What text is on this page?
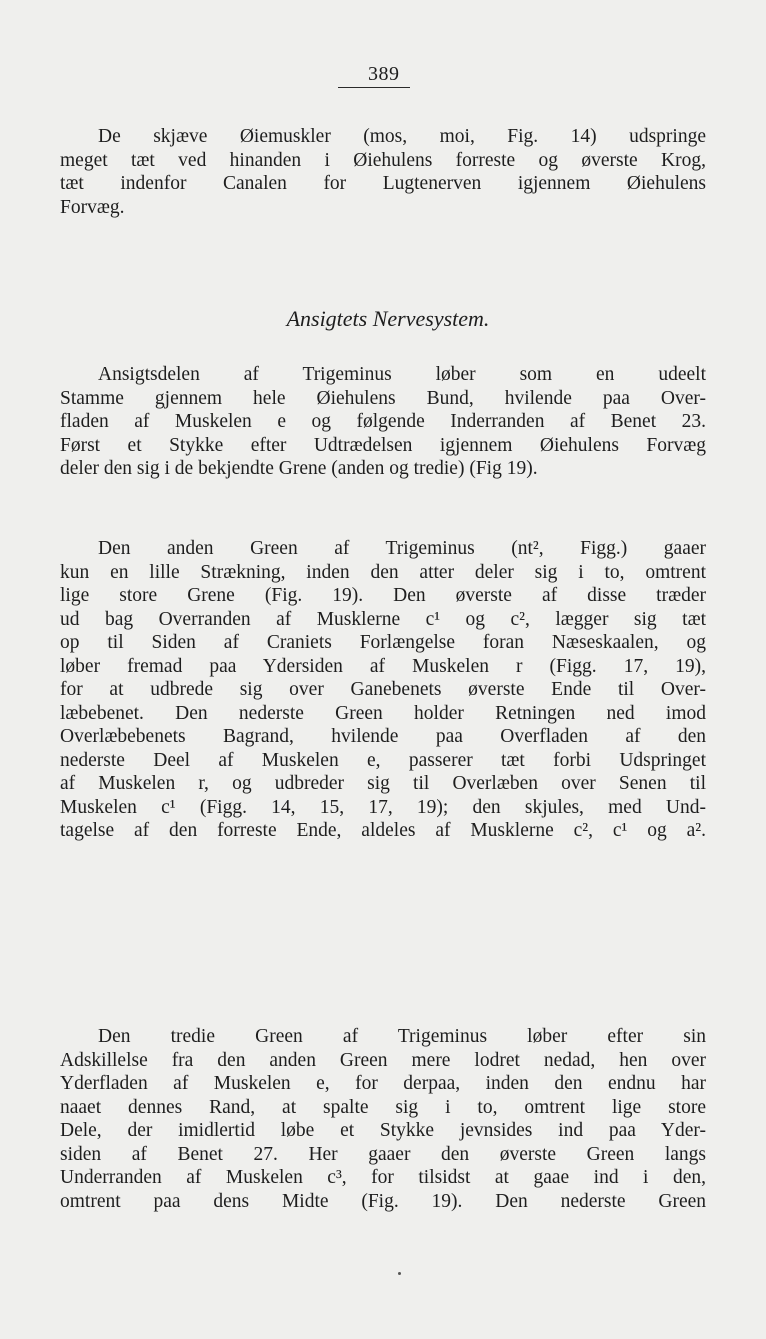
389
De skjæve Øiemuskler (mos, moi, Fig. 14) udspringe
meget tæt ved hinanden i Øiehulens forreste og øverste Krog,
tæt indenfor Canalen for Lugtenerven igjennem Øiehulens
Forvæg.
Ansigtets Nervesystem.
Ansigtsdelen af Trigeminus løber som en udeelt
Stamme gjennem hele Øiehulens Bund, hvilende paa Over-
fladen af Muskelen e og følgende Inderranden af Benet 23.
Først et Stykke efter Udtrædelsen igjennem Øiehulens Forvæg
deler den sig i de bekjendte Grene (anden og tredie) (Fig 19).
Den anden Green af Trigeminus (nt², Figg.) gaaer
kun en lille Strækning, inden den atter deler sig i to, omtrent
lige store Grene (Fig. 19). Den øverste af disse træder
ud bag Overranden af Musklerne c¹ og c², lægger sig tæt
op til Siden af Craniets Forlængelse foran Næseskaalen, og
løber fremad paa Ydersiden af Muskelen r (Figg. 17, 19),
for at udbrede sig over Ganebenets øverste Ende til Over-
læbebenet. Den nederste Green holder Retningen ned imod
Overlæbebenets Bagrand, hvilende paa Overfladen af den
nederste Deel af Muskelen e, passerer tæt forbi Udspringet
af Muskelen r, og udbreder sig til Overlæben over Senen til
Muskelen c¹ (Figg. 14, 15, 17, 19); den skjules, med Und-
tagelse af den forreste Ende, aldeles af Musklerne c², c¹ og a².
Den tredie Green af Trigeminus løber efter sin
Adskillelse fra den anden Green mere lodret nedad, hen over
Yderfladen af Muskelen e, for derpaa, inden den endnu har
naaet dennes Rand, at spalte sig i to, omtrent lige store
Dele, der imidlertid løbe et Stykke jevnsides ind paa Yder-
siden af Benet 27. Her gaaer den øverste Green langs
Underranden af Muskelen c³, for tilsidst at gaae ind i den,
omtrent paa dens Midte (Fig. 19). Den nederste Green
